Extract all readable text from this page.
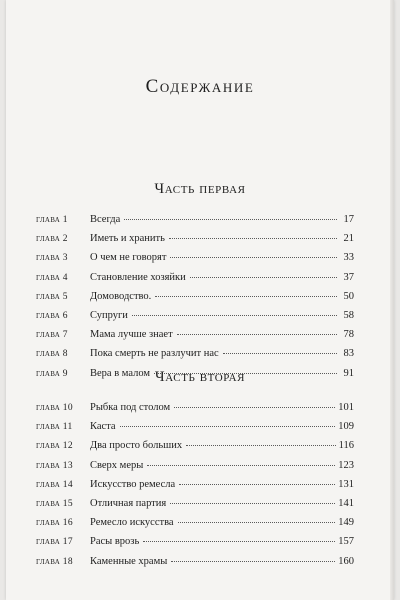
Содержание
Часть первая
глава 1	Всегда	17
глава 2	Иметь и хранить	21
глава 3	О чем не говорят	33
глава 4	Становление хозяйки	37
глава 5	Домоводство.	50
глава 6	Супруги	58
глава 7	Мама лучше знает	78
глава 8	Пока смерть не разлучит нас	83
глава 9	Вера в малом	91
Часть вторая
глава 10	Рыбка под столом	101
глава 11	Каста	109
глава 12	Два просто больших	116
глава 13	Сверх меры	123
глава 14	Искусство ремесла	131
глава 15	Отличная партия	141
глава 16	Ремесло искусства	149
глава 17	Расы врозь	157
глава 18	Каменные храмы	160
